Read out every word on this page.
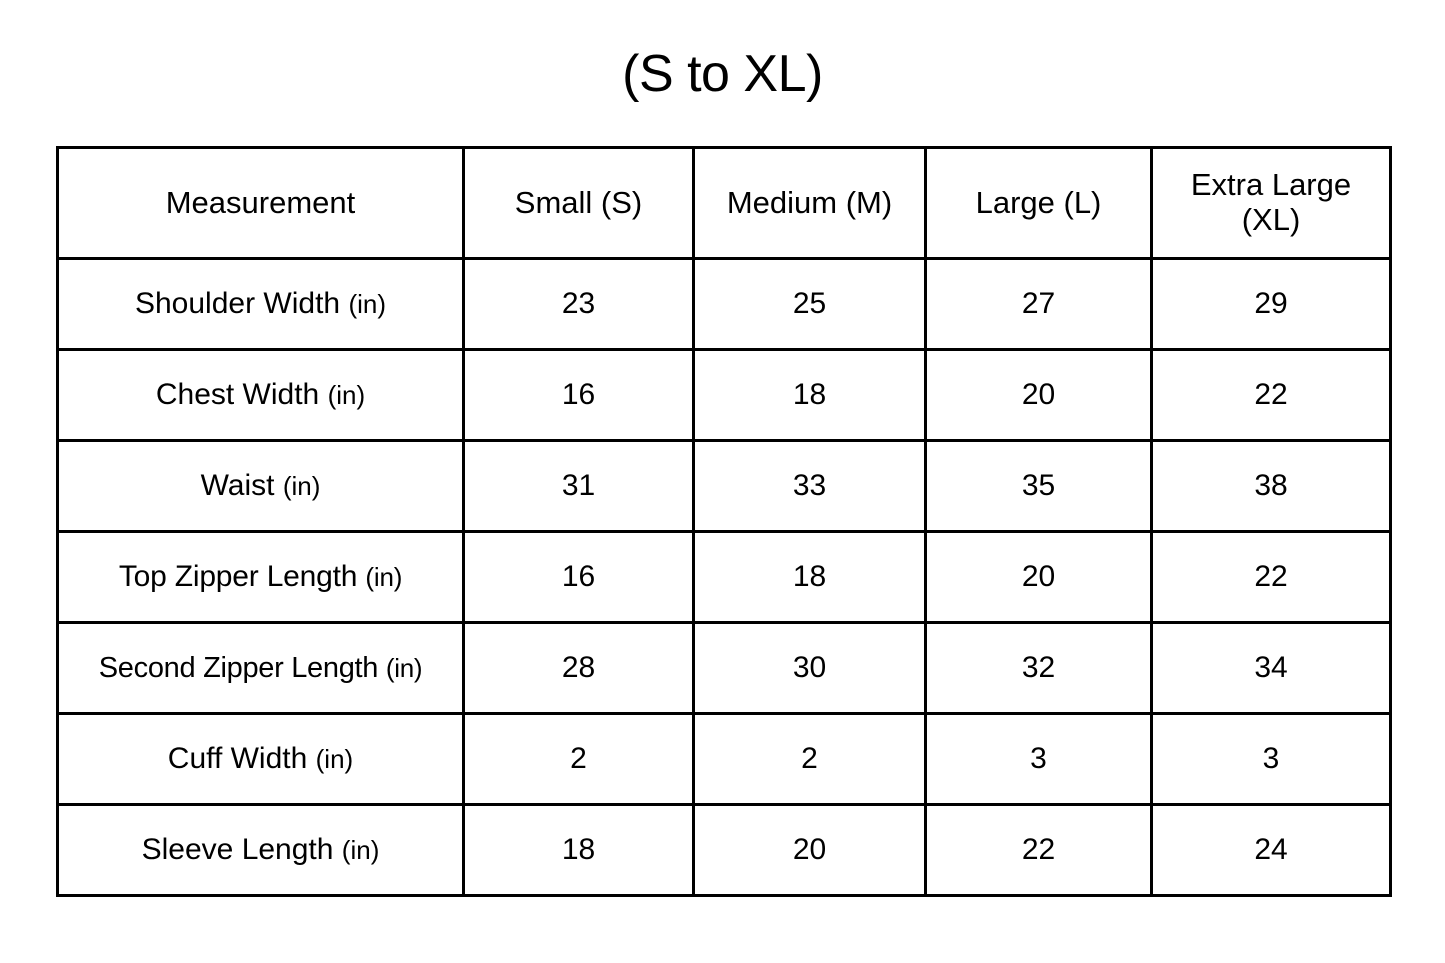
(S to XL)
Measurement	Small (S)	Medium (M)	Large (L)	Extra Large (XL)
Shoulder Width (in)	23	25	27	29
Chest Width (in)	16	18	20	22
Waist (in)	31	33	35	38
Top Zipper Length (in)	16	18	20	22
Second Zipper Length (in)	28	30	32	34
Cuff Width (in)	2	2	3	3
Sleeve Length (in)	18	20	22	24
